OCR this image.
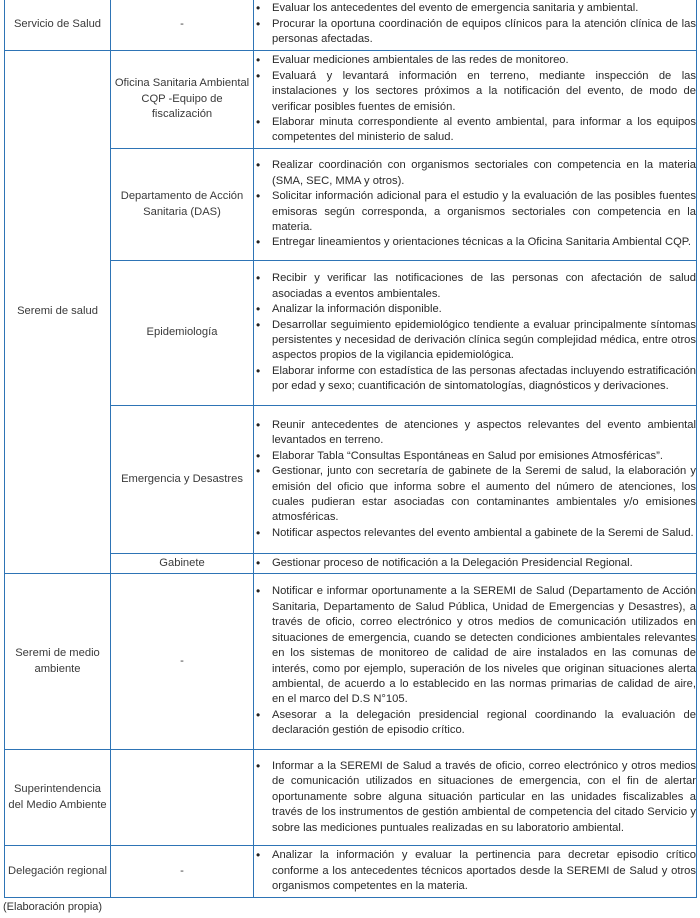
Servicio de Salud	-	
• Evaluar los antecedentes del evento de emergencia sanitaria y ambiental.
• Procurar la oportuna coordinación de equipos clínicos para la atención clínica de las personas afectadas.

Seremi de salud	Oficina Sanitaria Ambiental CQP -Equipo de fiscalización	
• Evaluar mediciones ambientales de las redes de monitoreo.
• Evaluará y levantará información en terreno, mediante inspección de las instalaciones y los sectores próximos a la notificación del evento, de modo de verificar posibles fuentes de emisión.
• Elaborar minuta correspondiente al evento ambiental, para informar a los equipos competentes del ministerio de salud.

Departamento de Acción Sanitaria (DAS)	
• Realizar coordinación con organismos sectoriales con competencia en la materia (SMA, SEC, MMA y otros).
• Solicitar información adicional para el estudio y la evaluación de las posibles fuentes emisoras según corresponda, a organismos sectoriales con competencia en la materia.
• Entregar lineamientos y orientaciones técnicas a la Oficina Sanitaria Ambiental CQP.

Epidemiología	
• Recibir y verificar las notificaciones de las personas con afectación de salud asociadas a eventos ambientales.
• Analizar la información disponible.
• Desarrollar seguimiento epidemiológico tendiente a evaluar principalmente síntomas persistentes y necesidad de derivación clínica según complejidad médica, entre otros aspectos propios de la vigilancia epidemiológica.
• Elaborar informe con estadística de las personas afectadas incluyendo estratificación por edad y sexo; cuantificación de sintomatologías, diagnósticos y derivaciones.

Emergencia y Desastres	
• Reunir antecedentes de atenciones y aspectos relevantes del evento ambiental levantados en terreno.
• Elaborar Tabla “Consultas Espontáneas en Salud por emisiones Atmosféricas”.
• Gestionar, junto con secretaría de gabinete de la Seremi de salud, la elaboración y emisión del oficio que informa sobre el aumento del número de atenciones, los cuales pudieran estar asociadas con contaminantes ambientales y/o emisiones atmosféricas.
• Notificar aspectos relevantes del evento ambiental a gabinete de la Seremi de Salud.

Gabinete	
•Gestionar proceso de notificación a la Delegación Presidencial Regional.

Seremi de medio ambiente	-	
• Notificar e informar oportunamente a la SEREMI de Salud (Departamento de Acción Sanitaria, Departamento de Salud Pública, Unidad de Emergencias y Desastres), a través de oficio, correo electrónico y otros medios de comunicación utilizados en situaciones de emergencia, cuando se detecten condiciones ambientales relevantes en los sistemas de monitoreo de calidad de aire instalados en las comunas de interés, como por ejemplo, superación de los niveles que originan situaciones alerta ambiental, de acuerdo a lo establecido en las normas primarias de calidad de aire, en el marco del D.S N°105.
• Asesorar a la delegación presidencial regional coordinando la evaluación de declaración gestión de episodio crítico.

Superintendencia del Medio Ambiente		
• Informar a la SEREMI de Salud a través de oficio, correo electrónico y otros medios de comunicación utilizados en situaciones de emergencia, con el fin de alertar oportunamente sobre alguna situación particular en las unidades fiscalizables a través de los instrumentos de gestión ambiental de competencia del citado Servicio y sobre las mediciones puntuales realizadas en su laboratorio ambiental.

Delegación regional	-	
• Analizar la información y evaluar la pertinencia para decretar episodio crítico conforme a los antecedentes técnicos aportados desde la SEREMI de Salud y otros organismos competentes en la materia.
(Elaboración propia)
